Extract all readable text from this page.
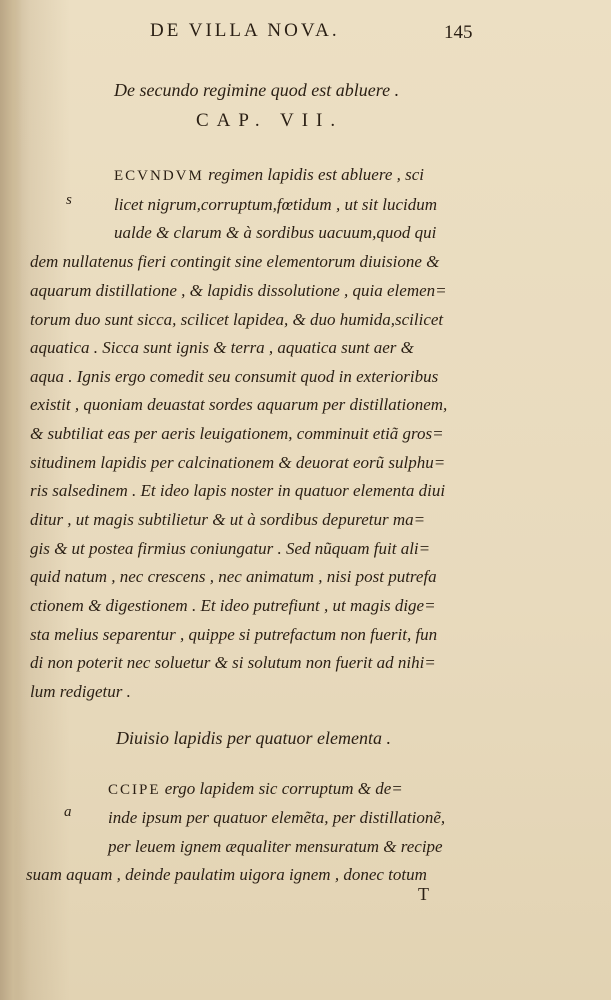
DE VILLA NOVA.	145
De secundo regimine quod est abluere .
CAP. VII.
s
ECVNDVM regimen lapidis est abluere , sci
licet nigrum,corruptum,fœtidum , ut sit lucidum
ualde & clarum & à sordibus uacuum,quod qui
dem nullatenus fieri contingit sine elementorum diuisione &
aquarum distillatione , & lapidis dissolutione , quia elemen=
torum duo sunt sicca, scilicet lapidea, & duo humida,scilicet
aquatica . Sicca sunt ignis & terra , aquatica sunt aer &
aqua . Ignis ergo comedit seu consumit quod in exterioribus
existit , quoniam deuastat sordes aquarum per distillationem,
& subtiliat eas per aeris leuigationem, comminuit etiã gros=
situdinem lapidis per calcinationem & deuorat eorũ sulphu=
ris salsedinem . Et ideo lapis noster in quatuor elementa diui
ditur , ut magis subtilietur & ut à sordibus depuretur ma=
gis & ut postea firmius coniungatur . Sed nũquam fuit ali=
quid natum , nec crescens , nec animatum , nisi post putrefa
ctionem & digestionem . Et ideo putrefiunt , ut magis dige=
sta melius separentur , quippe si putrefactum non fuerit, fun
di non poterit nec soluetur & si solutum non fuerit ad nihi=
lum redigetur .
Diuisio lapidis per quatuor elementa .
a
CCIPE ergo lapidem sic corruptum & de=
inde ipsum per quatuor elemẽta, per distillationẽ,
per leuem ignem æqualiter mensuratum & recipe
suam aquam , deinde paulatim uigora ignem , donec totum
T
